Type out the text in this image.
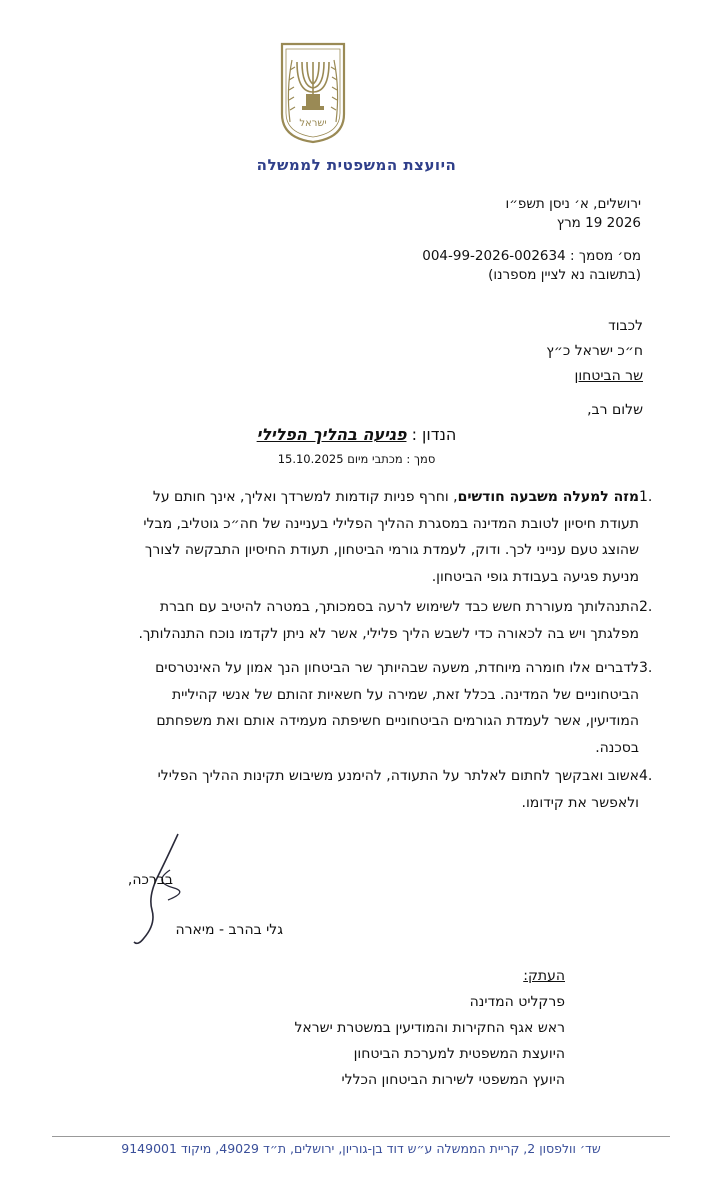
ישראל
היועצת המשפטית לממשלה
ירושלים, א׳ ניסן תשפ״ו
2026 19 מרץ
מס׳ מסמך : 004-99-2026-002634
(בתשובה נא לציין מספרנו)
לכבוד
ח״כ ישראל כ״ץ
שר הביטחון
שלום רב,
הנדון : פגיעה בהליך הפלילי
סמך : מכתבי מיום 15.10.2025
1.
מזה למעלה משבעה חודשים, וחרף פניות קודמות למשרדך ואליך, אינך חותם על
תעודת חיסיון לטובת המדינה במסגרת ההליך הפלילי בעניינה של חה״כ גוטליב, מבלי
שהוצג טעם ענייני לכך. ודוק, לעמדת גורמי הביטחון, תעודת החיסיון התבקשה לצורך
מניעת פגיעה בעבודת גופי הביטחון.
2.
התנהלותך מעוררת חשש כבד לשימוש לרעה בסמכותך, במטרה להיטיב עם חברת
מפלגתך ויש בה לכאורה כדי לשבש הליך פלילי, אשר לא ניתן לקדמו נוכח התנהלותך.
3.
לדברים אלו חומרה מיוחדת, משעה שבהיותך שר הביטחון הנך אמון על האינטרסים
הביטחוניים של המדינה. בכלל זאת, שמירה על חשאיות זהותם של אנשי קהיליית
המודיעין, אשר לעמדת הגורמים הביטחוניים חשיפתה מעמידה אותם ואת משפחתם
בסכנה.
4.
אשוב ואבקשך לחתום לאלתר על התעודה, להימנע משיבוש תקינות ההליך הפלילי
ולאפשר את קידומו.
בברכה,
גלי בהרב - מיארה
העתק:
פרקליט המדינה
ראש אגף החקירות והמודיעין במשטרת ישראל
היועצת המשפטית למערכת הביטחון
היועץ המשפטי לשירות הביטחון הכללי
שד׳ וולפסון 2, קריית הממשלה ע״ש דוד בן-גוריון, ירושלים, ת״ד 49029, מיקוד 9149001
